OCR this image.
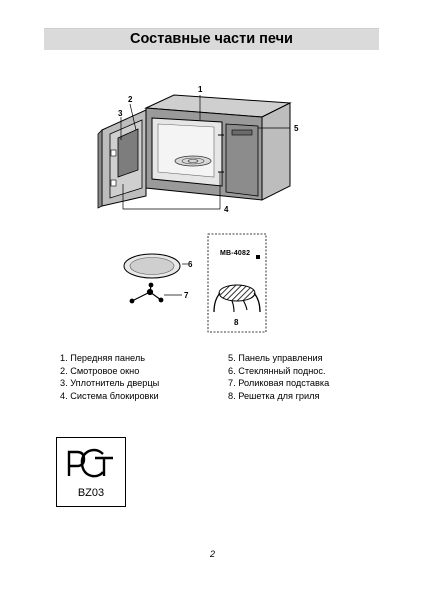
Составные части печи
1
2
3
4
5
6
7
8
MB-4082
1. Передняя панель
2. Смотровое окно
3. Уплотнитель дверцы
4. Система блокировки
5. Панель управления
6. Стеклянный поднос.
7. Роликовая подставка
8. Решетка для гриля
BZ03
2
